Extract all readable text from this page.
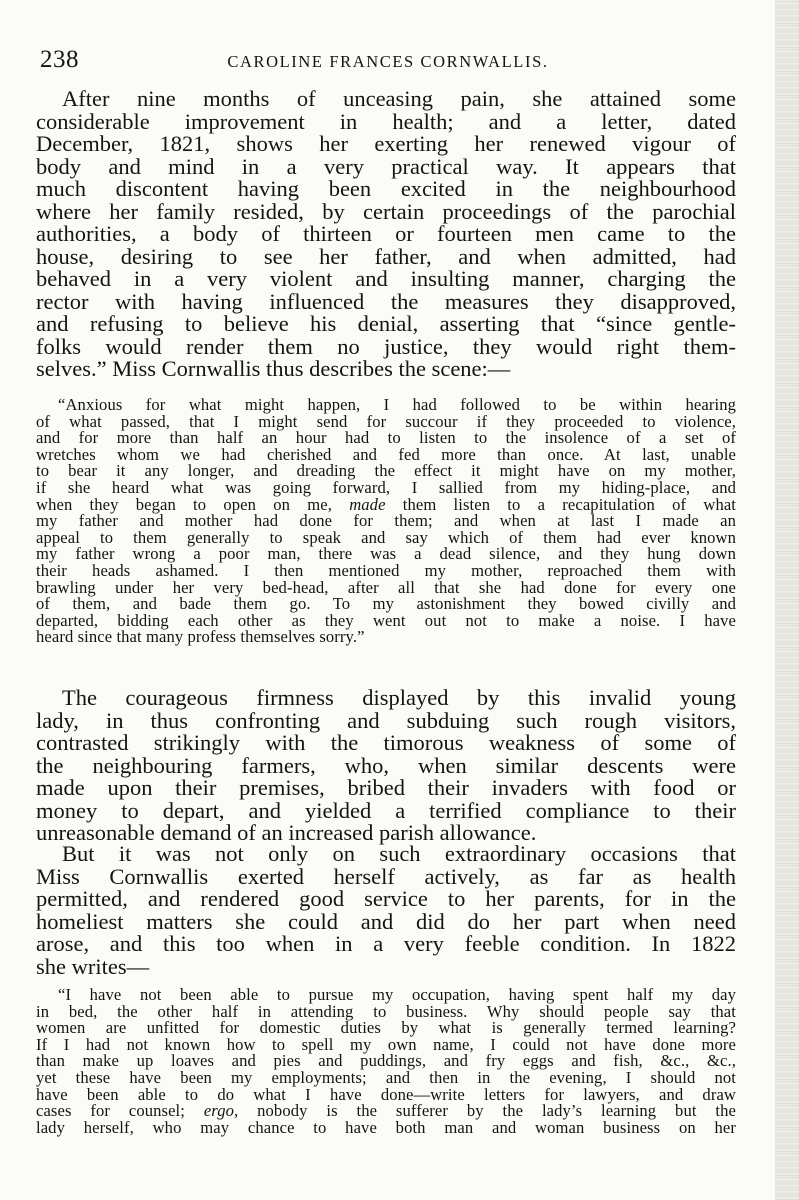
238	CAROLINE FRANCES CORNWALLIS.
After nine months of unceasing pain, she attained some
considerable improvement in health; and a letter, dated
December, 1821, shows her exerting her renewed vigour of
body and mind in a very practical way. It appears that
much discontent having been excited in the neighbourhood
where her family resided, by certain proceedings of the parochial
authorities, a body of thirteen or fourteen men came to the
house, desiring to see her father, and when admitted, had
behaved in a very violent and insulting manner, charging the
rector with having influenced the measures they disapproved,
and refusing to believe his denial, asserting that “since gentle-
folks would render them no justice, they would right them-
selves.” Miss Cornwallis thus describes the scene:—
“Anxious for what might happen, I had followed to be within hearing
of what passed, that I might send for succour if they proceeded to violence,
and for more than half an hour had to listen to the insolence of a set of
wretches whom we had cherished and fed more than once. At last, unable
to bear it any longer, and dreading the effect it might have on my mother,
if she heard what was going forward, I sallied from my hiding-place, and
when they began to open on me, made them listen to a recapitulation of what
my father and mother had done for them; and when at last I made an
appeal to them generally to speak and say which of them had ever known
my father wrong a poor man, there was a dead silence, and they hung down
their heads ashamed. I then mentioned my mother, reproached them with
brawling under her very bed-head, after all that she had done for every one
of them, and bade them go. To my astonishment they bowed civilly and
departed, bidding each other as they went out not to make a noise. I have
heard since that many profess themselves sorry.”
The courageous firmness displayed by this invalid young
lady, in thus confronting and subduing such rough visitors,
contrasted strikingly with the timorous weakness of some of
the neighbouring farmers, who, when similar descents were
made upon their premises, bribed their invaders with food or
money to depart, and yielded a terrified compliance to their
unreasonable demand of an increased parish allowance.
But it was not only on such extraordinary occasions that
Miss Cornwallis exerted herself actively, as far as health
permitted, and rendered good service to her parents, for in the
homeliest matters she could and did do her part when need
arose, and this too when in a very feeble condition. In 1822
she writes—
“I have not been able to pursue my occupation, having spent half my day
in bed, the other half in attending to business. Why should people say that
women are unfitted for domestic duties by what is generally termed learning?
If I had not known how to spell my own name, I could not have done more
than make up loaves and pies and puddings, and fry eggs and fish, &c., &c.,
yet these have been my employments; and then in the evening, I should not
have been able to do what I have done—write letters for lawyers, and draw
cases for counsel; ergo, nobody is the sufferer by the lady’s learning but the
lady herself, who may chance to have both man and woman business on her
